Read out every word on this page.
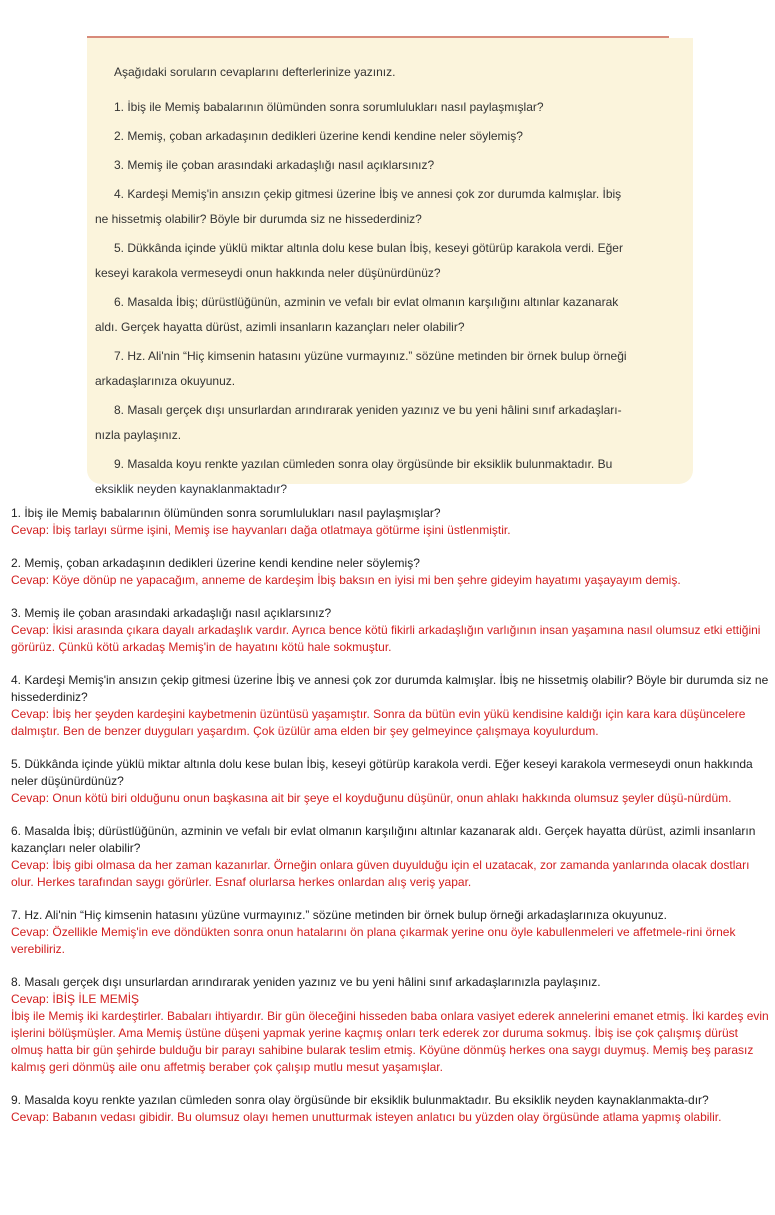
Aşağıdaki soruların cevaplarını defterlerinize yazınız.
1. İbiş ile Memiş babalarının ölümünden sonra sorumlulukları nasıl paylaşmışlar?
2. Memiş, çoban arkadaşının dedikleri üzerine kendi kendine neler söylemiş?
3. Memiş ile çoban arasındaki arkadaşlığı nasıl açıklarsınız?
4. Kardeşi Memiş'in ansızın çekip gitmesi üzerine İbiş ve annesi çok zor durumda kalmışlar. İbiş
ne hissetmiş olabilir? Böyle bir durumda siz ne hissederdiniz?
5. Dükkânda içinde yüklü miktar altınla dolu kese bulan İbiş, keseyi götürüp karakola verdi. Eğer
keseyi karakola vermeseydi onun hakkında neler düşünürdünüz?
6. Masalda İbiş; dürüstlüğünün, azminin ve vefalı bir evlat olmanın karşılığını altınlar kazanarak
aldı. Gerçek hayatta dürüst, azimli insanların kazançları neler olabilir?
7. Hz. Ali'nin “Hiç kimsenin hatasını yüzüne vurmayınız.” sözüne metinden bir örnek bulup örneği
arkadaşlarınıza okuyunuz.
8. Masalı gerçek dışı unsurlardan arındırarak yeniden yazınız ve bu yeni hâlini sınıf arkadaşları-
nızla paylaşınız.
9. Masalda koyu renkte yazılan cümleden sonra olay örgüsünde bir eksiklik bulunmaktadır. Bu
eksiklik neyden kaynaklanmaktadır?
1. İbiş ile Memiş babalarının ölümünden sonra sorumlulukları nasıl paylaşmışlar?
Cevap: İbiş tarlayı sürme işini, Memiş ise hayvanları dağa otlatmaya götürme işini üstlenmiştir.
2. Memiş, çoban arkadaşının dedikleri üzerine kendi kendine neler söylemiş?
Cevap: Köye dönüp ne yapacağım, anneme de kardeşim İbiş baksın en iyisi mi ben şehre gideyim hayatımı yaşayayım demiş.
3. Memiş ile çoban arasındaki arkadaşlığı nasıl açıklarsınız?
Cevap: İkisi arasında çıkara dayalı arkadaşlık vardır. Ayrıca bence kötü fikirli arkadaşlığın varlığının insan yaşamına nasıl olumsuz etki ettiğini görürüz. Çünkü kötü arkadaş Memiş'in de hayatını kötü hale sokmuştur.
4. Kardeşi Memiş'in ansızın çekip gitmesi üzerine İbiş ve annesi çok zor durumda kalmışlar. İbiş ne hissetmiş olabilir? Böyle bir durumda siz ne hissederdiniz?
Cevap: İbiş her şeyden kardeşini kaybetmenin üzüntüsü yaşamıştır. Sonra da bütün evin yükü kendisine kaldığı için kara kara düşüncelere dalmıştır. Ben de benzer duyguları yaşardım. Çok üzülür ama elden bir şey gelmeyince çalışmaya koyulurdum.
5. Dükkânda içinde yüklü miktar altınla dolu kese bulan İbiş, keseyi götürüp karakola verdi. Eğer keseyi karakola vermeseydi onun hakkında neler düşünürdünüz?
Cevap: Onun kötü biri olduğunu onun başkasına ait bir şeye el koyduğunu düşünür, onun ahlakı hakkında olumsuz şeyler düşü-nürdüm.
6. Masalda İbiş; dürüstlüğünün, azminin ve vefalı bir evlat olmanın karşılığını altınlar kazanarak aldı. Gerçek hayatta dürüst, azimli insanların kazançları neler olabilir?
Cevap: İbiş gibi olmasa da her zaman kazanırlar. Örneğin onlara güven duyulduğu için el uzatacak, zor zamanda yanlarında olacak dostları olur. Herkes tarafından saygı görürler. Esnaf olurlarsa herkes onlardan alış veriş yapar.
7. Hz. Ali'nin “Hiç kimsenin hatasını yüzüne vurmayınız.” sözüne metinden bir örnek bulup örneği arkadaşlarınıza okuyunuz.
Cevap: Özellikle Memiş'in eve döndükten sonra onun hatalarını ön plana çıkarmak yerine onu öyle kabullenmeleri ve affetmele-rini örnek verebiliriz.
8. Masalı gerçek dışı unsurlardan arındırarak yeniden yazınız ve bu yeni hâlini sınıf arkadaşlarınızla paylaşınız.
Cevap: İBİŞ İLE MEMİŞ
İbiş ile Memiş iki kardeştirler. Babaları ihtiyardır. Bir gün öleceğini hisseden baba onlara vasiyet ederek annelerini emanet etmiş. İki kardeş evin işlerini bölüşmüşler. Ama Memiş üstüne düşeni yapmak yerine kaçmış onları terk ederek zor duruma sokmuş. İbiş ise çok çalışmış dürüst olmuş hatta bir gün şehirde bulduğu bir parayı sahibine bularak teslim etmiş. Köyüne dönmüş herkes ona saygı duymuş. Memiş beş parasız kalmış geri dönmüş aile onu affetmiş beraber çok çalışıp mutlu mesut yaşamışlar.
9. Masalda koyu renkte yazılan cümleden sonra olay örgüsünde bir eksiklik bulunmaktadır. Bu eksiklik neyden kaynaklanmakta-dır?
Cevap: Babanın vedası gibidir. Bu olumsuz olayı hemen unutturmak isteyen anlatıcı bu yüzden olay örgüsünde atlama yapmış olabilir.
